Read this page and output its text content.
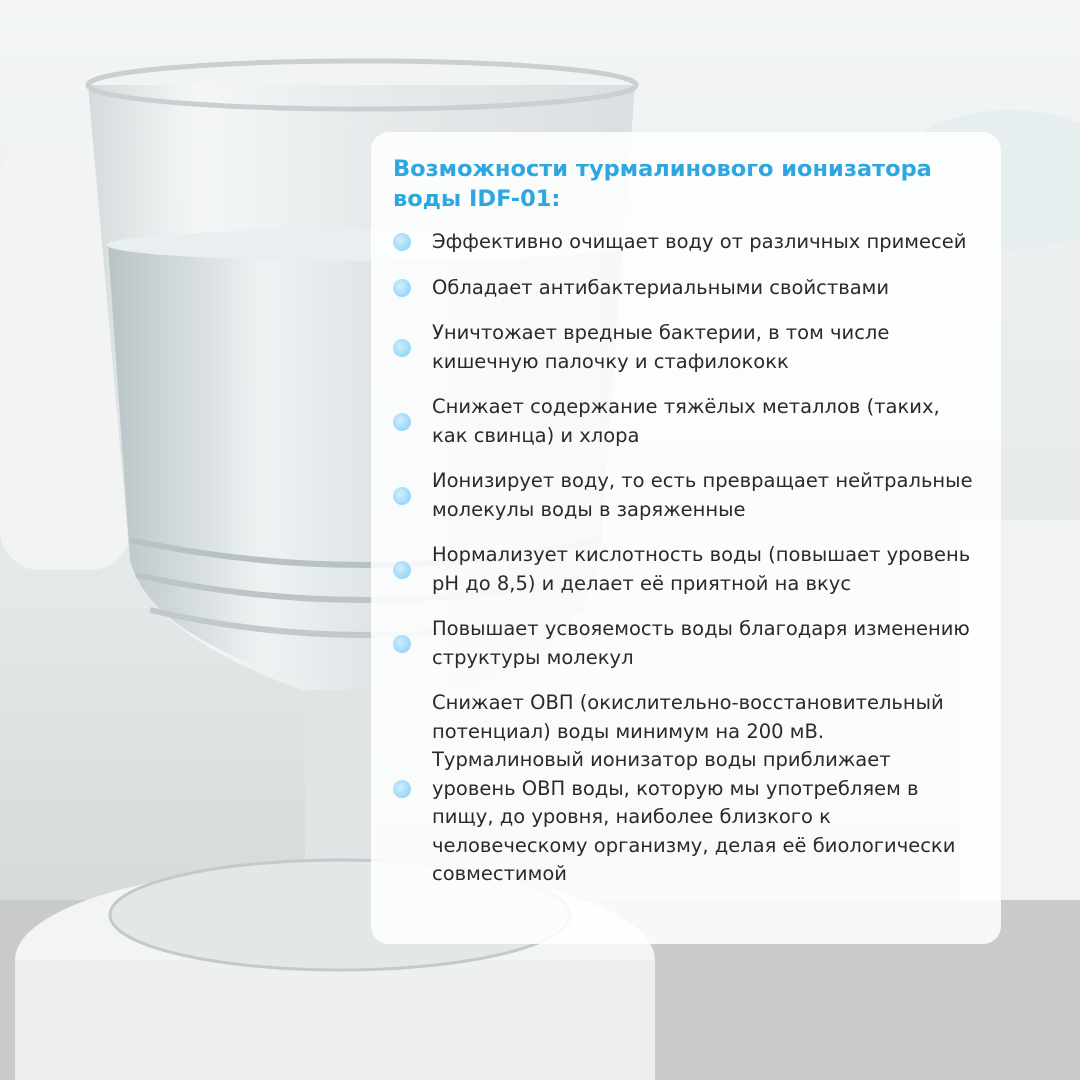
Возможности турмалинового ионизатора воды IDF-01:
Эффективно очищает воду от различных примесей
Обладает антибактериальными свойствами
Уничтожает вредные бактерии, в том числе кишечную палочку и стафилококк
Снижает содержание тяжёлых металлов (таких, как свинца) и хлора
Ионизирует воду, то есть превращает нейтральные молекулы воды в заряженные
Нормализует кислотность воды (повышает уровень pH до 8,5) и делает её приятной на вкус
Повышает усвояемость воды благодаря изменению структуры молекул
Снижает ОВП (окислительно-восстановительный потенциал) воды минимум на 200 мВ. Турмалиновый ионизатор воды приближает уровень ОВП воды, которую мы употребляем в пищу, до уровня, наиболее близкого к человеческому организму, делая её биологически совместимой
